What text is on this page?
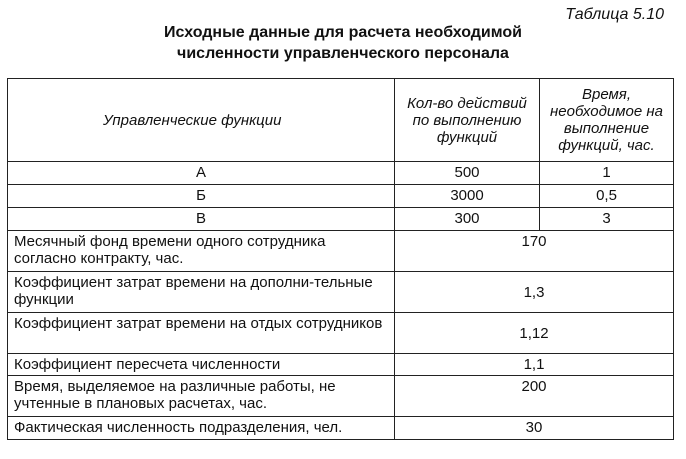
Таблица 5.10
Исходные данные для расчета необходимой
численности управленческого персонала
Управленческие функции	Кол-во действий по выполнению функций	Время, необходимое на выполнение функций, час.
А	500	1
Б	3000	0,5
В	300	3
Месячный фонд времени одного сотрудника согласно контракту, час.	170	
Коэффициент затрат времени на дополни-тельные функции	1,3	
Коэффициент затрат времени на отдых сотрудников	1,12	
Коэффициент пересчета численности	1,1	
Время, выделяемое на различные работы, не учтенные в плановых расчетах, час.	200	
Фактическая численность подразделения, чел.	30	
